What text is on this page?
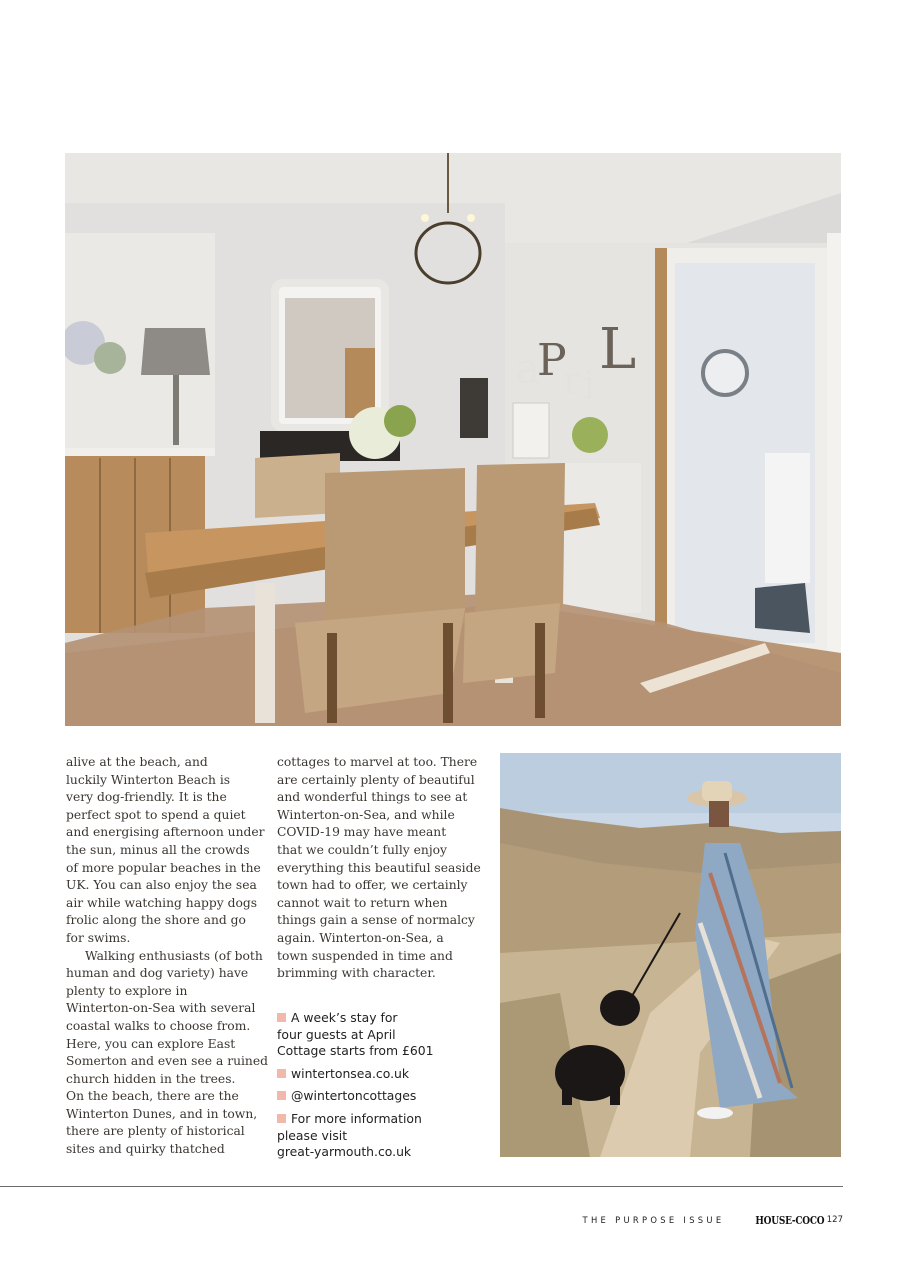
a
P
r i
L

alive at the beach, and

luckily Winterton Beach is

very dog-friendly. It is the

perfect spot to spend a quiet

and energising afternoon under

the sun, minus all the crowds

of more popular beaches in the

UK. You can also enjoy the sea

air while watching happy dogs

frolic along the shore and go

for swims.

Walking enthusiasts (of both

human and dog variety) have

plenty to explore in

Winterton-on-Sea with several

coastal walks to choose from.

Here, you can explore East

Somerton and even see a ruined

church hidden in the trees.

On the beach, there are the

Winterton Dunes, and in town,

there are plenty of historical

sites and quirky thatched

cottages to marvel at too. There

are certainly plenty of beautiful

and wonderful things to see at

Winterton-on-Sea, and while

COVID-19 may have meant

that we couldn’t fully enjoy

everything this beautiful seaside

town had to offer, we certainly

cannot wait to return when

things gain a sense of normalcy

again. Winterton-on-Sea, a

town suspended in time and

brimming with character.

A week’s stay for
four guests at April
Cottage starts from £601
wintertonsea.co.uk
@wintertoncottages
For more information
please visit
great-yarmouth.co.uk
THE PURPOSE ISSUE	HOUSE-COCO 127
